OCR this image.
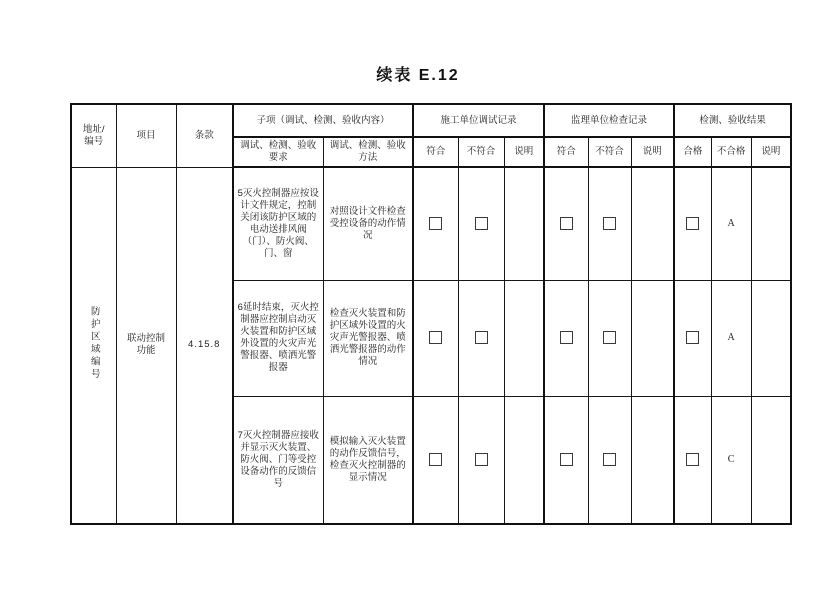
续表 E.12
地址/编号	项目	条款	子项（调试、检测、验收内容）		施工单位调试记录			监理单位检查记录			检测、验收结果		
			调试、检测、验收要求	调试、检测、验收方法	符合	不符合	说明	符合	不符合	说明	合格	不合格	说明
防护区域编号	联动控制功能	4.15.8	5灭火控制器应按设计文件规定，控制关闭该防护区域的电动送排风阀（门）、防火阀、门、窗	对照设计文件检查受控设备的动作情况								A	
			6延时结束，灭火控制器应控制启动灭火装置和防护区域外设置的火灾声光警报器、喷洒光警报器	检查灭火装置和防护区域外设置的火灾声光警报器、喷洒光警报器的动作情况								A	
			7灭火控制器应接收并显示灭火装置、防火阀、门等受控设备动作的反馈信号	模拟输入灭火装置的动作反馈信号，检查灭火控制器的显示情况								C	
